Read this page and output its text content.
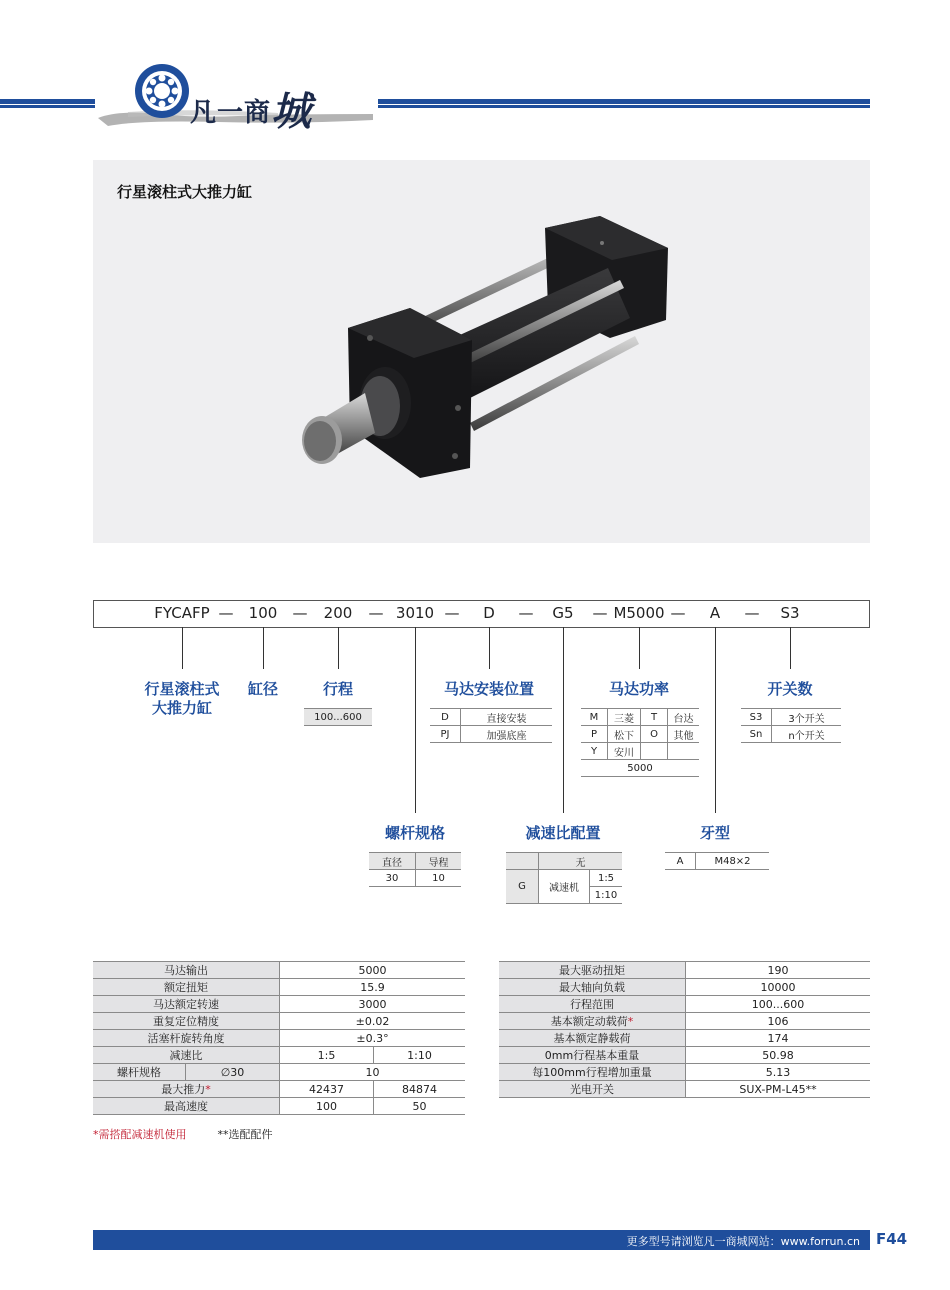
凡一商城
行星滚柱式大推力缸
FYCAFP — 100 — 200 — 3010 — D — G5 — M5000 — A — S3
行星滚柱式
大推力缸
缸径	行程	马达安装位置	马达功率	开关数
100...600	D	直接安装
PJ	加强底座
M	三菱	T	台达
P	松下	O	其他
Y	安川		
5000			
S3	3个开关
Sn	n个开关
螺杆规格	减速比配置	牙型
直径	导程
30	10
	无	
G	减速机	1:5
		1:10
A	M48×2
马达输出		5000	
额定扭矩		15.9	
马达额定转速		3000	
重复定位精度		±0.02	
活塞杆旋转角度		±0.3°	
减速比		1:5	1:10
螺杆规格	∅30	10	
最大推力*		42437	84874
最高速度		100	50
最大驱动扭矩	190
最大轴向负载	10000
行程范围	100...600
基本额定动载荷*	106
基本额定静载荷	174
0mm行程基本重量	50.98
每100mm行程增加重量	5.13
光电开关	SUX-PM-L45**
*需搭配减速机使用	**选配配件
更多型号请浏览凡一商城网站：www.forrun.cn F44
